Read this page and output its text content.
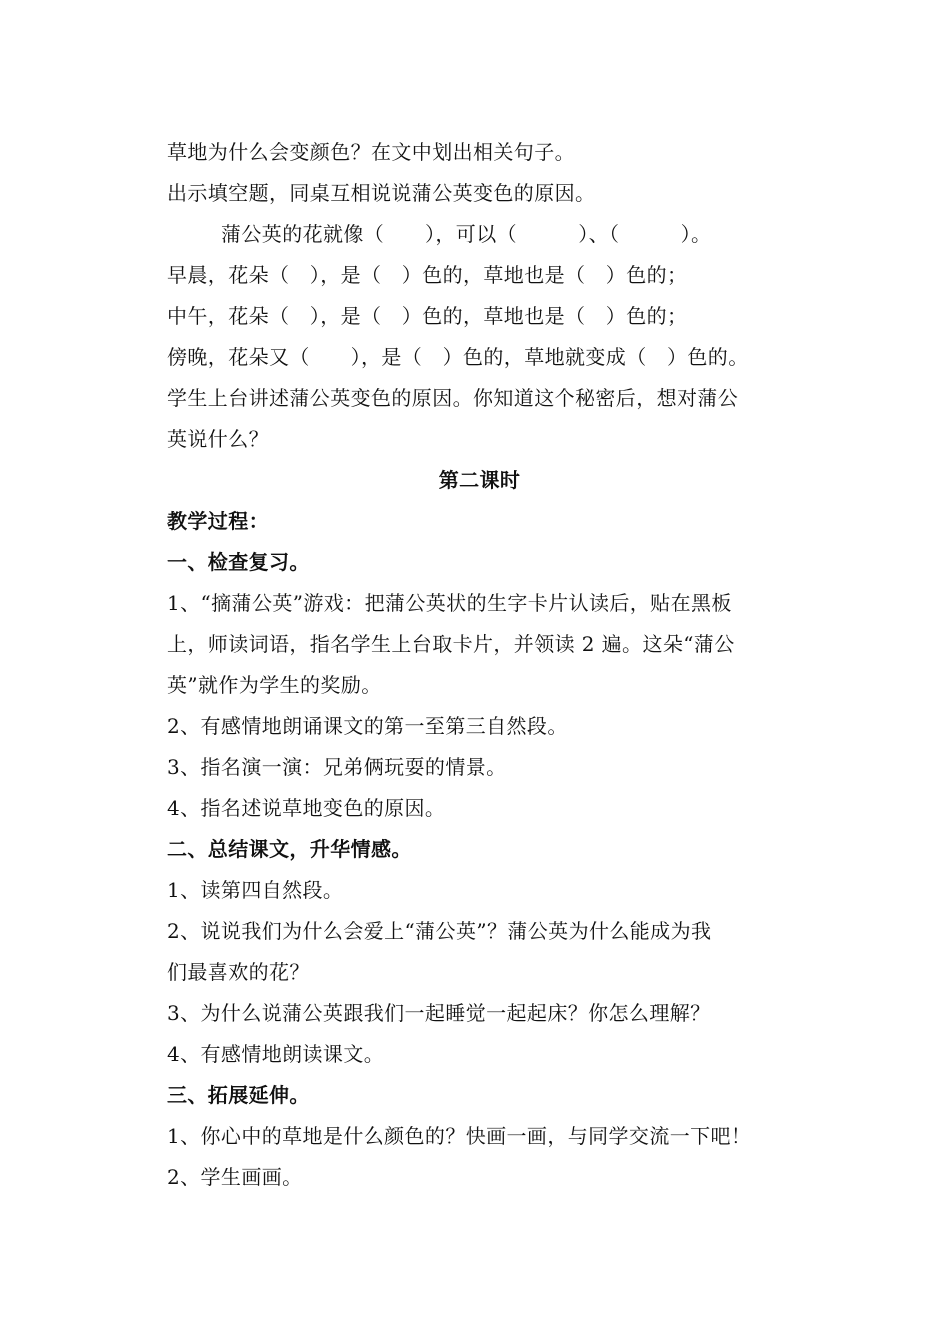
草地为什么会变颜色？在文中划出相关句子。
出示填空题，同桌互相说说蒲公英变色的原因。
蒲公英的花就像（　　），可以（　　　）、（　　　）。
早晨，花朵（　），是（　）色的，草地也是（　）色的；
中午，花朵（　），是（　）色的，草地也是（　）色的；
傍晚，花朵又（　　），是（　）色的，草地就变成（　）色的。
学生上台讲述蒲公英变色的原因。你知道这个秘密后，想对蒲公
英说什么？
第二课时
教学过程：
一、检查复习。
1、“摘蒲公英”游戏：把蒲公英状的生字卡片认读后，贴在黑板
上，师读词语，指名学生上台取卡片，并领读 2 遍。这朵“蒲公
英”就作为学生的奖励。
2、有感情地朗诵课文的第一至第三自然段。
3、指名演一演：兄弟俩玩耍的情景。
4、指名述说草地变色的原因。
二、总结课文，升华情感。
1、读第四自然段。
2、说说我们为什么会爱上“蒲公英”？蒲公英为什么能成为我
们最喜欢的花？
3、为什么说蒲公英跟我们一起睡觉一起起床？你怎么理解？
4、有感情地朗读课文。
三、拓展延伸。
1、你心中的草地是什么颜色的？快画一画，与同学交流一下吧！
2、学生画画。
